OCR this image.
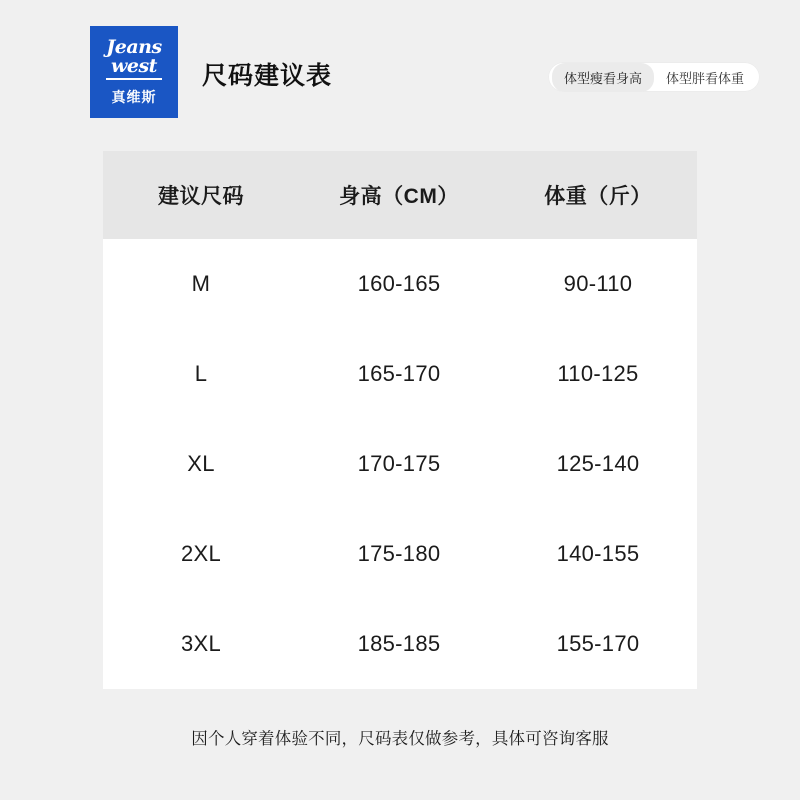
Jeans
west
真维斯
尺码建议表	体型瘦看身高	体型胖看体重
建议尺码	身高（CM）	体重（斤）
M	160-165	90-110
L	165-170	110-125
XL	170-175	125-140
2XL	175-180	140-155
3XL	185-185	155-170
因个人穿着体验不同，尺码表仅做参考，具体可咨询客服
